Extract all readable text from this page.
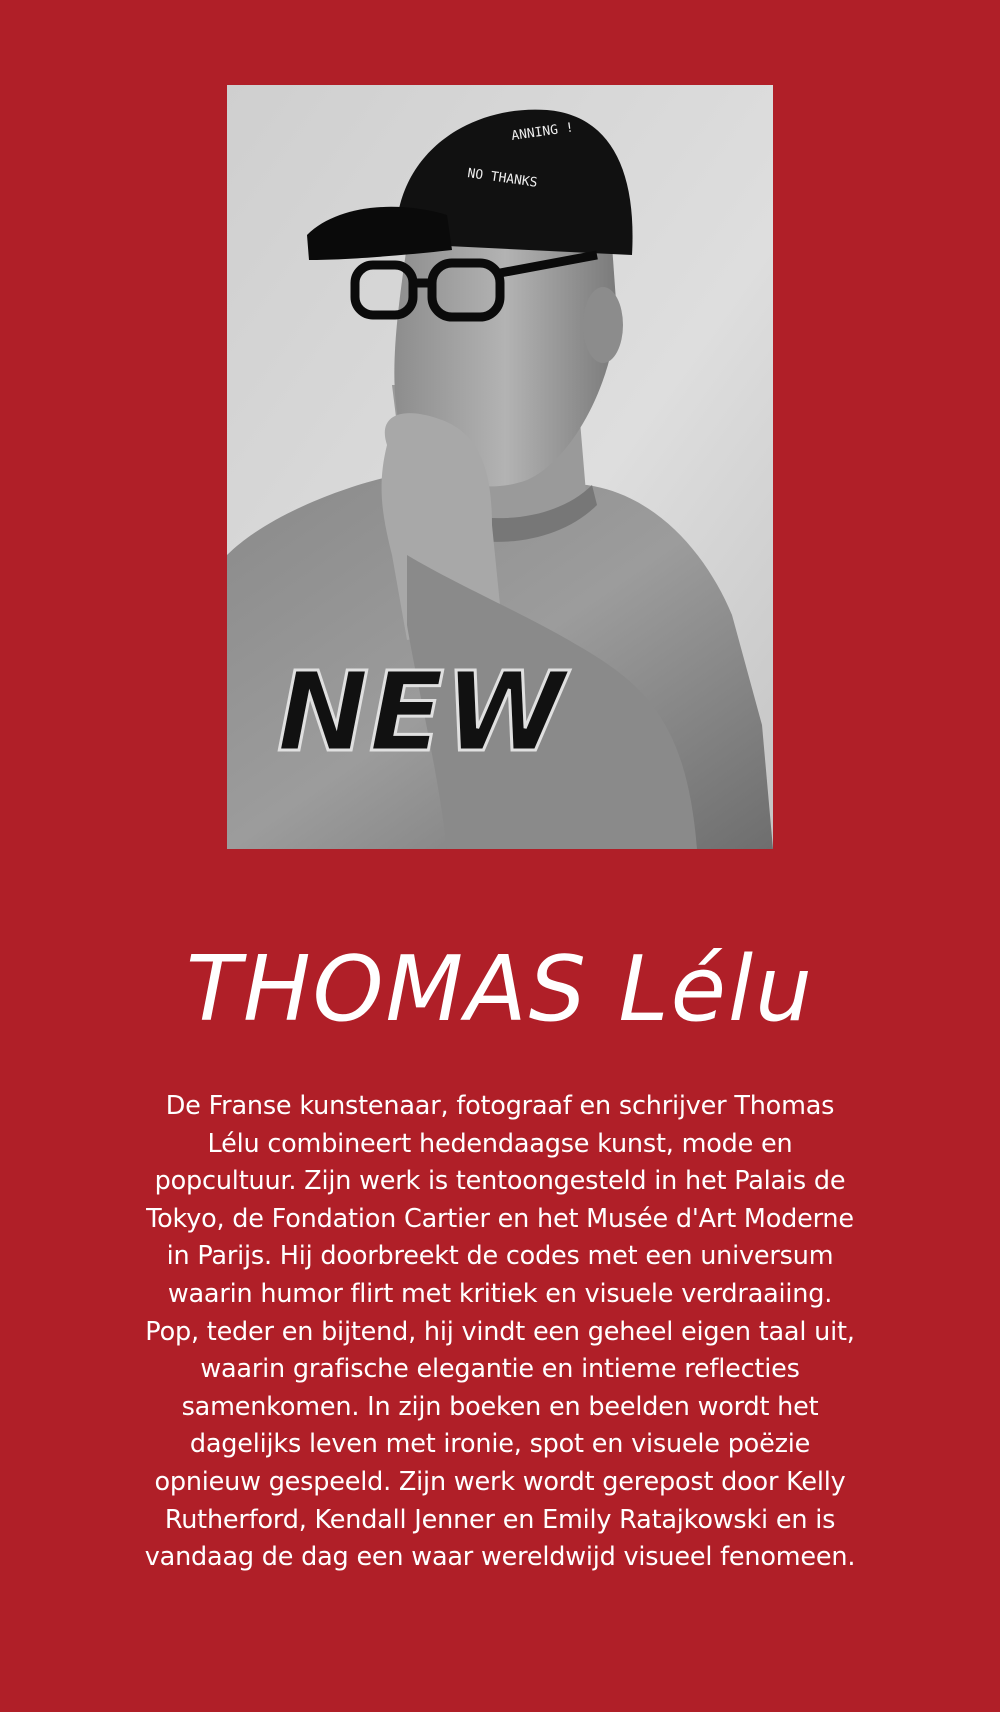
ANNING !
NO THANKS
NEW
THOMAS Lélu

De Franse kunstenaar, fotograaf en schrijver Thomas Lélu combineert hedendaagse kunst, mode en popcultuur. Zijn werk is tentoongesteld in het Palais de Tokyo, de Fondation Cartier en het Musée d'Art Moderne in Parijs. Hij doorbreekt de codes met een universum waarin humor flirt met kritiek en visuele verdraaiing. Pop, teder en bijtend, hij vindt een geheel eigen taal uit, waarin grafische elegantie en intieme reflecties samenkomen. In zijn boeken en beelden wordt het dagelijks leven met ironie, spot en visuele poëzie opnieuw gespeeld. Zijn werk wordt gerepost door Kelly Rutherford, Kendall Jenner en Emily Ratajkowski en is vandaag de dag een waar wereldwijd visueel fenomeen.
